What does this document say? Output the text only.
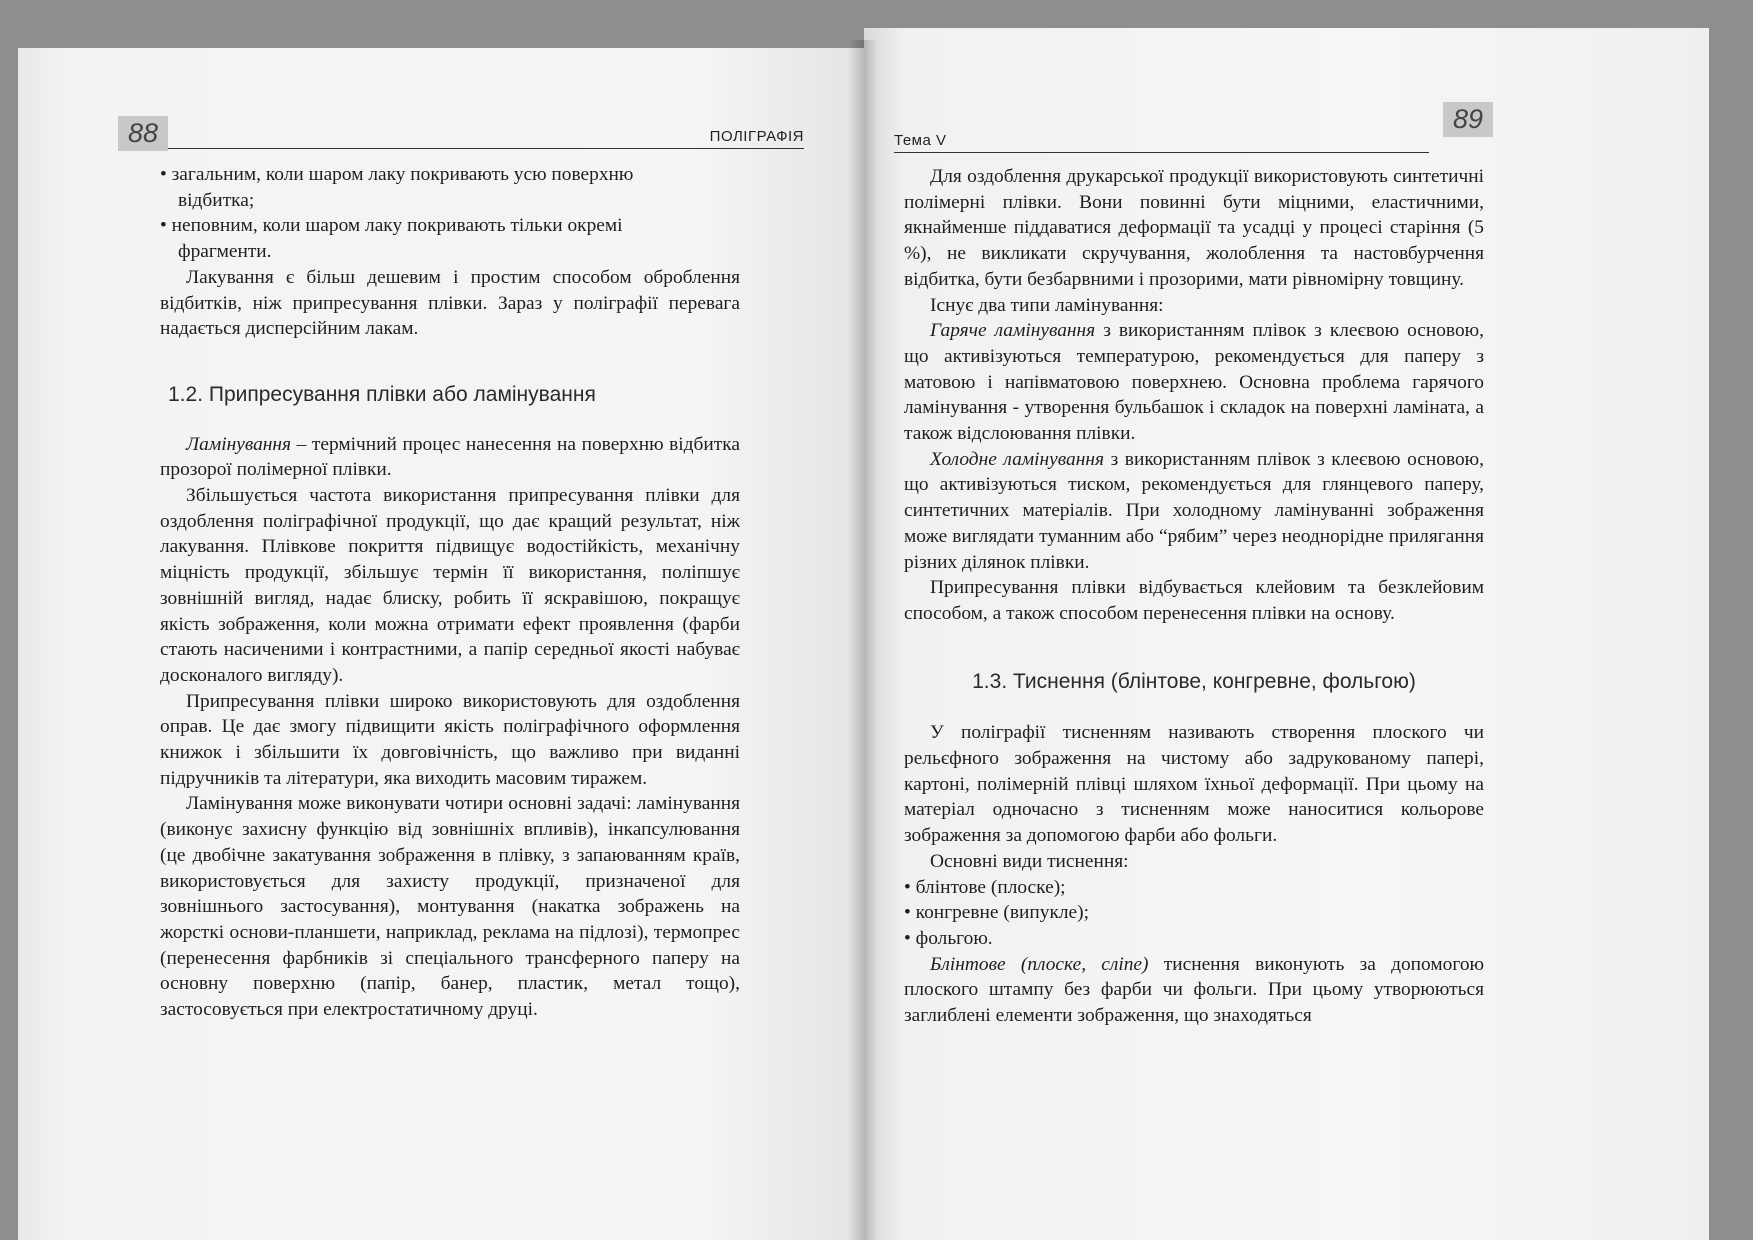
88	ПОЛІГРАФІЯ

• загальним, коли шаром лаку покривають усю поверхню

відбитка;

• неповним, коли шаром лаку покривають тільки окремі

фрагменти.

Лакування є більш дешевим і простим способом оброблення відбитків, ніж припресування плівки. Зараз у поліграфії перевага надається дисперсійним лакам.

1.2. Припресування плівки або ламінування

Ламінування – термічний процес нанесення на поверхню відбитка прозорої полімерної плівки.

Збільшується частота використання припресування плівки для оздоблення поліграфічної продукції, що дає кращий результат, ніж лакування. Плівкове покриття підвищує водостійкість, механічну міцність продукції, збільшує термін її використання, поліпшує зовнішній вигляд, надає блиску, робить її яскравішою, покращує якість зображення, коли можна отримати ефект проявлення (фарби стають насиченими і контрастними, а папір середньої якості набуває досконалого вигляду).

Припресування плівки широко використовують для оздоблення оправ. Це дає змогу підвищити якість поліграфічного оформлення книжок і збільшити їх довговічність, що важливо при виданні підручників та літератури, яка виходить масовим тиражем.

Ламінування може виконувати чотири основні задачі: ламінування (виконує захисну функцію від зовнішніх впливів), інкапсулювання (це двобічне закатування зображення в плівку, з запаюванням країв, використовується для захисту продукції, призначеної для зовнішнього застосування), монтування (накатка зображень на жорсткі основи-планшети, наприклад, реклама на підлозі), термопрес (перенесення фарбників зі спеціального трансферного паперу на основну поверхню (папір, банер, пластик, метал тощо), застосовується при електростатичному друці.

Тема V
89

Для оздоблення друкарської продукції використовують синтетичні полімерні плівки. Вони повинні бути міцними, еластичними, якнайменше піддаватися деформації та усадці у процесі старіння (5 %), не викликати скручування, жолоблення та настовбурчення відбитка, бути безбарвними і прозорими, мати рівномірну товщину.

Існує два типи ламінування:

Гаряче ламінування з використанням плівок з клеєвою основою, що активізуються температурою, рекомендується для паперу з матовою і напівматовою поверхнею. Основна проблема гарячого ламінування - утворення бульбашок і складок на поверхні ламіната, а також відслоювання плівки.

Холодне ламінування з використанням плівок з клеєвою основою, що активізуються тиском, рекомендується для глянцевого паперу, синтетичних матеріалів. При холодному ламінуванні зображення може виглядати туманним або “рябим” через неоднорідне прилягання різних ділянок плівки.

Припресування плівки відбувається клейовим та безклейовим способом, а також способом перенесення плівки на основу.

1.3. Тиснення (блінтове, конгревне, фольгою)

У поліграфії тисненням називають створення плоского чи рельєфного зображення на чистому або задрукованому папері, картоні, полімерній плівці шляхом їхньої деформації. При цьому на матеріал одночасно з тисненням може наноситися кольорове зображення за допомогою фарби або фольги.

Основні види тиснення:

• блінтове (плоске);

• конгревне (випукле);

• фольгою.

Блінтове (плоске, сліпе) тиснення виконують за допомогою плоского штампу без фарби чи фольги. При цьому утворюються заглиблені елементи зображення, що знаходяться
